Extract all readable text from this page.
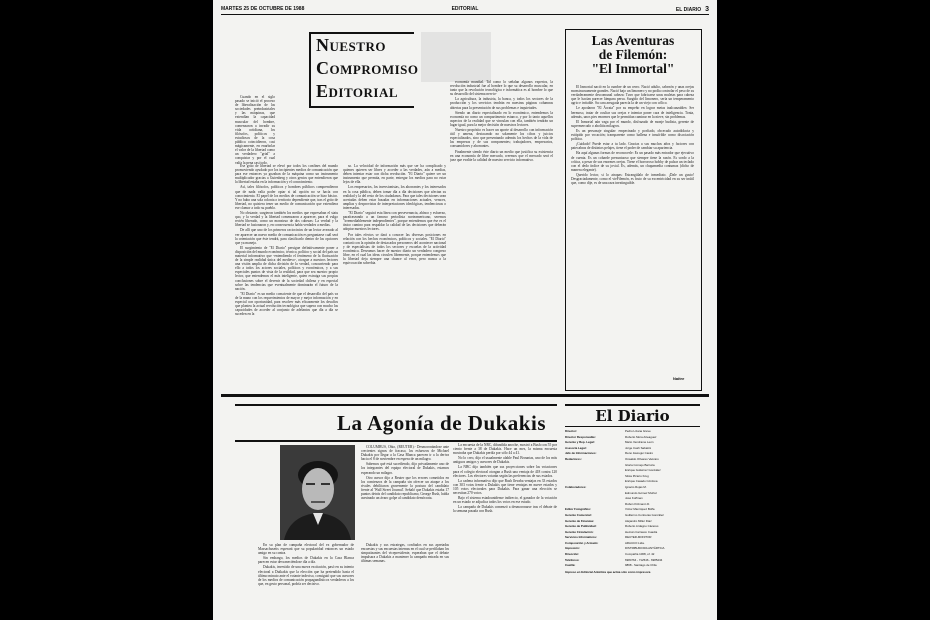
MARTES 25 DE OCTUBRE DE 1988	EDITORIAL	EL DIARIO 3
Nuestro
Compromiso
Editorial

Cuando en el siglo pasado se inició el proceso de liberalización de las sociedades preindustriales y las máquinas, que extendían la capacidad muscular del hombre, comenzaron a invadir su vida cotidiana, los filósofos, políticos y estudiosos de la cosa pública coincidieron, casi mágicamente, en enarbolar el valor de la libertad como un verdadero "grial" a conquistar y por el cual valía la pena casi todo.

Ese grito de libertad se elevó por todos los confines del mundo promoviendo ayudado por los incipientes medios de comunicación que para ese entonces ya gozaban de la máquina como un instrumento multiplicador gracias a Gutenberg y otros genios que entendieron que la libertad estaba en la información y el conocimiento.

Así, tales filósofos, políticos y hombres públicos comprendieron que de nada valía poder optar si tal opción no se hacía con conocimiento. El papel de los medios de comunicación se hizo básico. Y no hubo una sola colonia o territorio dependiente que, tras el grito de libertad, no quisiera tener un medio de comunicación que extendiera ese clamor a todo su pueblo.

No obstante, surgieron también los medios que expresaban el statu quo, y la verdad y la libertad comenzaron a aparecer, para el vulgo recién liberado, como un monstruo de dos cabezas: La verdad y la libertad se fusionaron y, en consecuencia había verdades a medias.

De allí que uno de los primeros raciocinios de un lector avezado al ver aparecer un nuevo medio de comunicación es preguntarse cuál será la orientación que éste tendrá, para clasificarlo dentro de las opciones que ya maneja.

El surgimiento de "El Diario" persigue definitivamente poner a disposición del mundo económico, técnico, político y social del país un material informativo que -entendiendo el fenómeno de la fluctuación de la simple realidad única del medievo-, otorgue a nuestros lectores una visión amplia de dicha división de la verdad, concurriendo para ello a todos los actores sociales, políticos y económicos, y a sus especiales puntos de vista de la realidad, para que sea nuestro propio lector, que entendemos el más inteligente, quien extraiga sus propias conclusiones sobre el devenir de la sociedad chilena y en especial sobre las tendencias que eventualmente dominarán el futuro de la nación.

"El Diario" es un medio consciente de que el desarrollo del país va de la mano con los requerimientos de mayor y mejor información y en especial con oportunidad, para resolver más eficazmente los desafíos que plantea la actual revolución tecnológica que supera con mucho las capacidades de acceder al conjunto de adelantos que día a día se suceden en la

so. La velocidad de información más que ser ha complicado y quienes quieren ser libres y acceder a las verdades, aún a medias, deben intentar estar con dicha revolución. "El Diario" quiere ser un instrumento que permita, en parte, entregar los medios para no estar lejos de ella.

Los empresarios, los inversionistas, los ahorrantes y los interesados en la cosa pública, deben tomar día a día decisiones que afectan su realidad y la del resto de los ciudadanos. Para que tales decisiones sean acertadas deben estar basadas en informaciones actuales, veraces, amplias y desprovistas de interpretaciones ideológicas, tendenciosas o interesadas.

"El Diario" seguirá esta línea con perseverancia, ahínco y esfuerzo, parafraseando a un famoso periodista norteamericano, seremos "irremediablemente independientes", porque entendemos que ése es el único camino para respaldar la calidad de las decisiones que deberán adoptar nuestros lectores.

Por tales efectos se dará a conocer las diversas posiciones en relación con los hechos económicos, políticos y sociales. "El Diario" contará con la opinión de destacados personeros del acontecer nacional y de especialistas de todos los sectores y escuelas de la actividad económica. Deseamos hacer de nuestro diario un verdadero congreso libre, en el cual las ideas circulen libremente, porque entendemos que la libertad deja siempre una chance al error, pero nunca a la equivocación soberbia.

economía mundial. Tal como lo señalan algunos expertos, la revolución industrial fue al hombre lo que su desarrollo muscular, en tanto que la revolución tecnológica e informática es al hombre lo que su desarrollo del sistema nervio-

La agricultura, la industria, la banca, y todos los sectores de la producción y los servicios tendrán en nuestras páginas columnas abiertas para la presentación de sus problemas e inquietudes.

Siendo un diario especializado en lo económico, entendemos la economía no como un compartimento estanco, y por lo tanto aquellos aspectos de la realidad que se vinculan con ella, también tendrán un lugar igual, para la mejor decisión de nuestros lectores.

Nuestro propósito es hacer un aporte al desarrollo con información útil y amena, destacando no solamente los cifras y juicios especializados, sino que presentando además los hechos de la vida de las empresas y de sus componentes; trabajadores, empresarios, consumidores y ahorrantes.

Finalmente siendo éste diario un medio que justifica su existencia en una economía de libre mercado, creemos que el mercado será el juez que evalúe la calidad de nuestro servicio informativo.

Las Aventuras
de Filemón:
"El Inmortal"

El Inmortal nació en la cumbre de un cerro. Nació adulto, cabezón y unas orejas monstruosamente grandes. Nació bajo un limonero y no podía controlar el peso de su verdaderamente descomunal cabeza: Tuvo que fabricarse unas muletas para cabeza que le hacían parecer lámpara persa. Surgido del limonero, sería un temperamento agrio e irritable. Su cara arrugada parecía la de un viejo con cólico.

Le apodaron "El Ácrata" por su empeño en lograr metas inalcanzables: Ser hermoso, tratar de ocultar sus orejas e intentar poner cara de inteligencia. Tonia, además, unos pies enormes que le permitían caminar en la nieve, sin problemas.

El Inmortal aún vaga por el mundo, disfrazado de monje budista, gerente de supermercado o abolitia milagros.

Es un personaje singular: empecinado y porfiado, obcecado autodidacta y estúpido por vocación; transparente como ballena e insufrible como disociación política.

¡Cuidado! Puede estar a tu lado. Gracias a sus muchos años y factores con patecabras de distintos pelajes, tiene el poder de cambiar su apariencia.

Ha aquí algunas formas de reconocerle: Es un pasado más entrador que ejecutivo de cuenta. Es un cobarde presuntuoso que siempre tiene la razón. Es sordo a la crítica, a pesar de sus enormes orejas. Tiene el horroroso hobby de pulsar un teclado con el dedo índice de su jovial. Es, además, un chupamedia contumaz (dicho de manera elegante).

Querido lector, si lo atrapas: Estrangúlalo de inmediato. ¡Dale un gusto! Desgraciadamente, como el vieFilemón, es fruto de su excentricidad en su ser inútil que, como dije, es de una raza inextinguible.

Naitre
La Agonía de Dukakis

COLUMBUS, Ohio, (REUTER).- Desmoronándose ante crecientes signos de fracaso, los esfuerzos de Michael Dukakis por llegar a la Casa Blanca parecen ir a la deriva hacia el 8 de noviembre en espera de un milagro.

Sabemos qué está sucediendo, dijo privadamente uno de los integrantes del equipo electoral de Dukakis, estamos esperando un milagro.

Otro asesor dijo a Reuter que los errores cometidos en los comienzos de la campaña sin ofrecer un ataque a los rivales debilitaron gravemente la postura del candidato frente al 'Wall Street Journal'. Señaló que Dukakis estaba 17 puntos detrás del candidato republicano, George Bush, habla asesinado un ávaro golpe al candidato demócrata.

En su plan de campaña electoral del ex gobernador de Massachusetts esperará que su popularidad entonces un estado amigo en su contra.

Sin embargo, los medios de Dukakis en la Casa Blanca parecen estar desvaneciéndose día a día.

Dukakis, investido de una nueva excitación, pasó en su intento electoral a Duikakis que la elección que ha pretendido hasta el último minuto ante el votante indeciso, consiguió que sus asesores de los medios de comunicación propagandísticos verdaderos a los que, en gesto personal, podría ser decisivo.

Dukakis y sus estrategas, confiados en sus apretadas encuestas y sus encuestas internas en el cual se perfilaban los simpatizantes del vicepresidente, esperaban que el debate impulsara a Dukakis a mantener la campaña entrada en sus últimas semanas.

La encuesta de la NBC, difundida anoche, mostró a Bush con 55 por ciento frente a 38 de Dukakis. Hace un mes, la misma encuesta mostraba que Dukakis perdía por sólo 44 a 41.

No lo creo, dijo el usualmente afable Paul Brountas, uno de los más antiguos amigos y asesores de Dukakis.

La NBC dijo también que sus proyecciones sobre las votaciones para el colegio electoral otorgan a Bush una ventaja de 418 contra 120 electores. Los electores votarán según las preferencias de sus estados.

La cadena informativa dijo que Bush llevaba ventajas en 33 estados con 303 votos frente a Dukakis que tiene ventajas en nueve estados y 105 votos electorales para Dukakis. Para ganar una elección se necesitan 270 votos.

Bajo el sistema estadounidense indirecto, el ganador de la votación en un estado se adjudica todos los votos en ese estado.

La campaña de Dukakis comenzó a desmoronarse tras el debate de la semana pasada con Bush.

El Diario
Director:	Pedro Lizana Greve
Director Responsable:	Roberto Mora Arteaguez
Gerente y Rep. Legal:	Mario Vendrame León
Asesoría Legal:	Jorge Cash Sabatini
Jefe de Informaciones:	René Jáuregui Castro
Redactores:	Oswaldo Olivares Vaccaro
Gloria Cornejo Barruza
Enrique Gutiérrez González
Silvia Pizarro Krug
Enrique Casado Córdova
Colaboradores:	Ignacio Rojas M.
Edmundo Gómez Muñoz
José Koffman
Rubén Kitzmann D.
Editor Fotográfico:	Víctor Manríquez Boffa
Gerente Comercial:	Guillermo Contreras González
Gerente de Finanzas:	Alejandro Miller Díaz
Gerente de Publicidad:	Roberto Ardagno Cáceres
Gerente Circulación:	Hernán Carrasco Cuadra
Servicios Informativos:	REUTER-MONITOR
Composición y Armado:	ARAUCO Ltda.
Impresión:	DISTRIBUIDORA ANTÁRTICA
Dirección:	Compañía 1068, of. 42
Teléfonos:	6984764 - 712546 - 6985234
Casilla:	9868 - Santiago de Chile
Impreso en Editorial Antártica que actúa sólo como impresora
